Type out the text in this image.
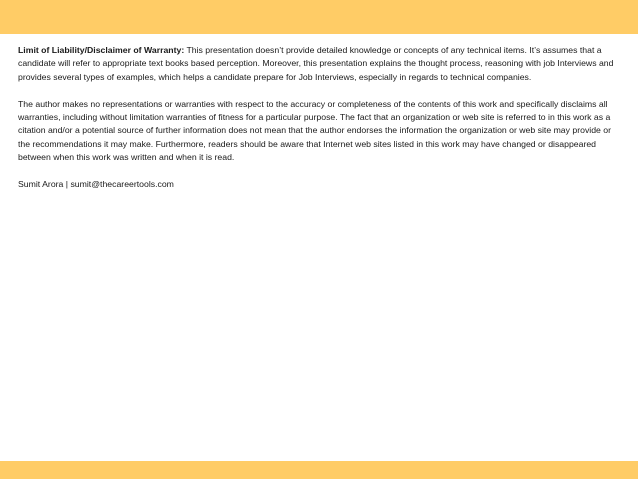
Limit of Liability/Disclaimer of Warranty: This presentation doesn’t provide detailed knowledge or concepts of any technical items. It’s assumes that a candidate will refer to appropriate text books based perception. Moreover, this presentation explains the thought process, reasoning with job Interviews and provides several types of examples, which helps a candidate prepare for Job Interviews, especially in regards to technical companies.

The author makes no representations or warranties with respect to the accuracy or completeness of the contents of this work and specifically disclaims all warranties, including without limitation warranties of fitness for a particular purpose. The fact that an organization or web site is referred to in this work as a citation and/or a potential source of further information does not mean that the author endorses the information the organization or web site may provide or the recommendations it may make. Furthermore, readers should be aware that Internet web sites listed in this work may have changed or disappeared between when this work was written and when it is read.

Sumit Arora | sumit@thecareertools.com
